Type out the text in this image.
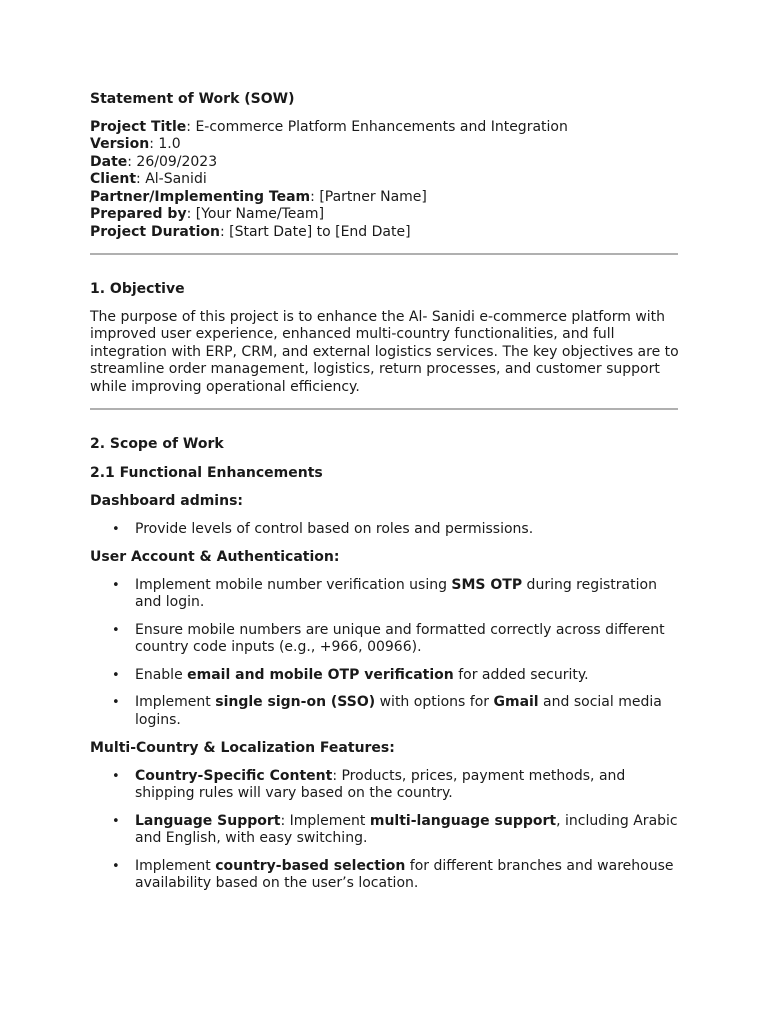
Statement of Work (SOW)
Project Title: E-commerce Platform Enhancements and Integration
Version: 1.0
Date: 26/09/2023
Client: Al-Sanidi
Partner/Implementing Team: [Partner Name]
Prepared by: [Your Name/Team]
Project Duration: [Start Date] to [End Date]
1. Objective

The purpose of this project is to enhance the Al- Sanidi e-commerce platform with improved user experience, enhanced multi-country functionalities, and full integration with ERP, CRM, and external logistics services. The key objectives are to streamline order management, logistics, return processes, and customer support while improving operational efficiency.

2. Scope of Work
2.1 Functional Enhancements
Dashboard admins:
• Provide levels of control based on roles and permissions.
User Account & Authentication:
• Implement mobile number verification using SMS OTP during registration and login.
• Ensure mobile numbers are unique and formatted correctly across different country code inputs (e.g., +966, 00966).
• Enable email and mobile OTP verification for added security.
• Implement single sign-on (SSO) with options for Gmail and social media logins.
Multi-Country & Localization Features:
• Country-Specific Content: Products, prices, payment methods, and shipping rules will vary based on the country.
• Language Support: Implement multi-language support, including Arabic and English, with easy switching.
• Implement country-based selection for different branches and warehouse availability based on the user’s location.
